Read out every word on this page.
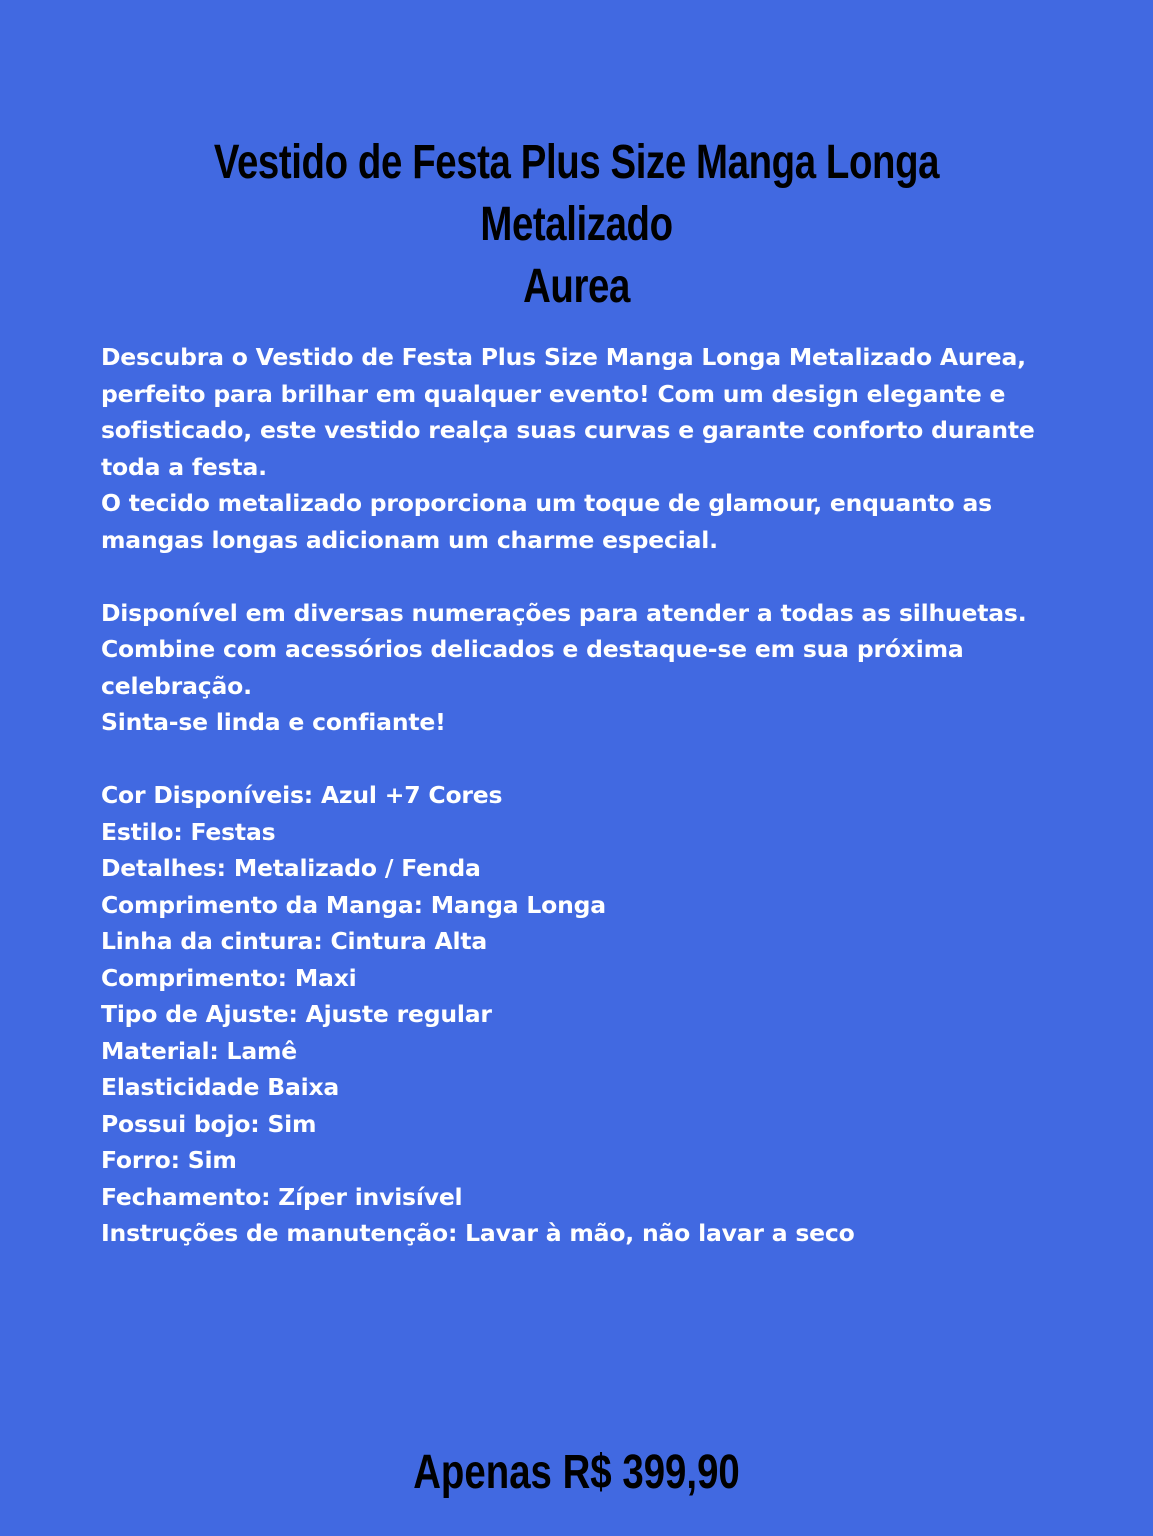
Vestido de Festa Plus Size Manga Longa Metalizado
Aurea

Descubra o Vestido de Festa Plus Size Manga Longa Metalizado Aurea,

perfeito para brilhar em qualquer evento! Com um design elegante e

sofisticado, este vestido realça suas curvas e garante conforto durante

toda a festa.

O tecido metalizado proporciona um toque de glamour, enquanto as

mangas longas adicionam um charme especial.

Disponível em diversas numerações para atender a todas as silhuetas.

Combine com acessórios delicados e destaque-se em sua próxima

celebração.

Sinta-se linda e confiante!

Cor Disponíveis: Azul +7 Cores

Estilo: Festas

Detalhes: Metalizado / Fenda

Comprimento da Manga: Manga Longa

Linha da cintura: Cintura Alta

Comprimento: Maxi

Tipo de Ajuste: Ajuste regular

Material: Lamê

Elasticidade Baixa

Possui bojo: Sim

Forro: Sim

Fechamento: Zíper invisível

Instruções de manutenção: Lavar à mão, não lavar a seco

Apenas R$ 399,90
